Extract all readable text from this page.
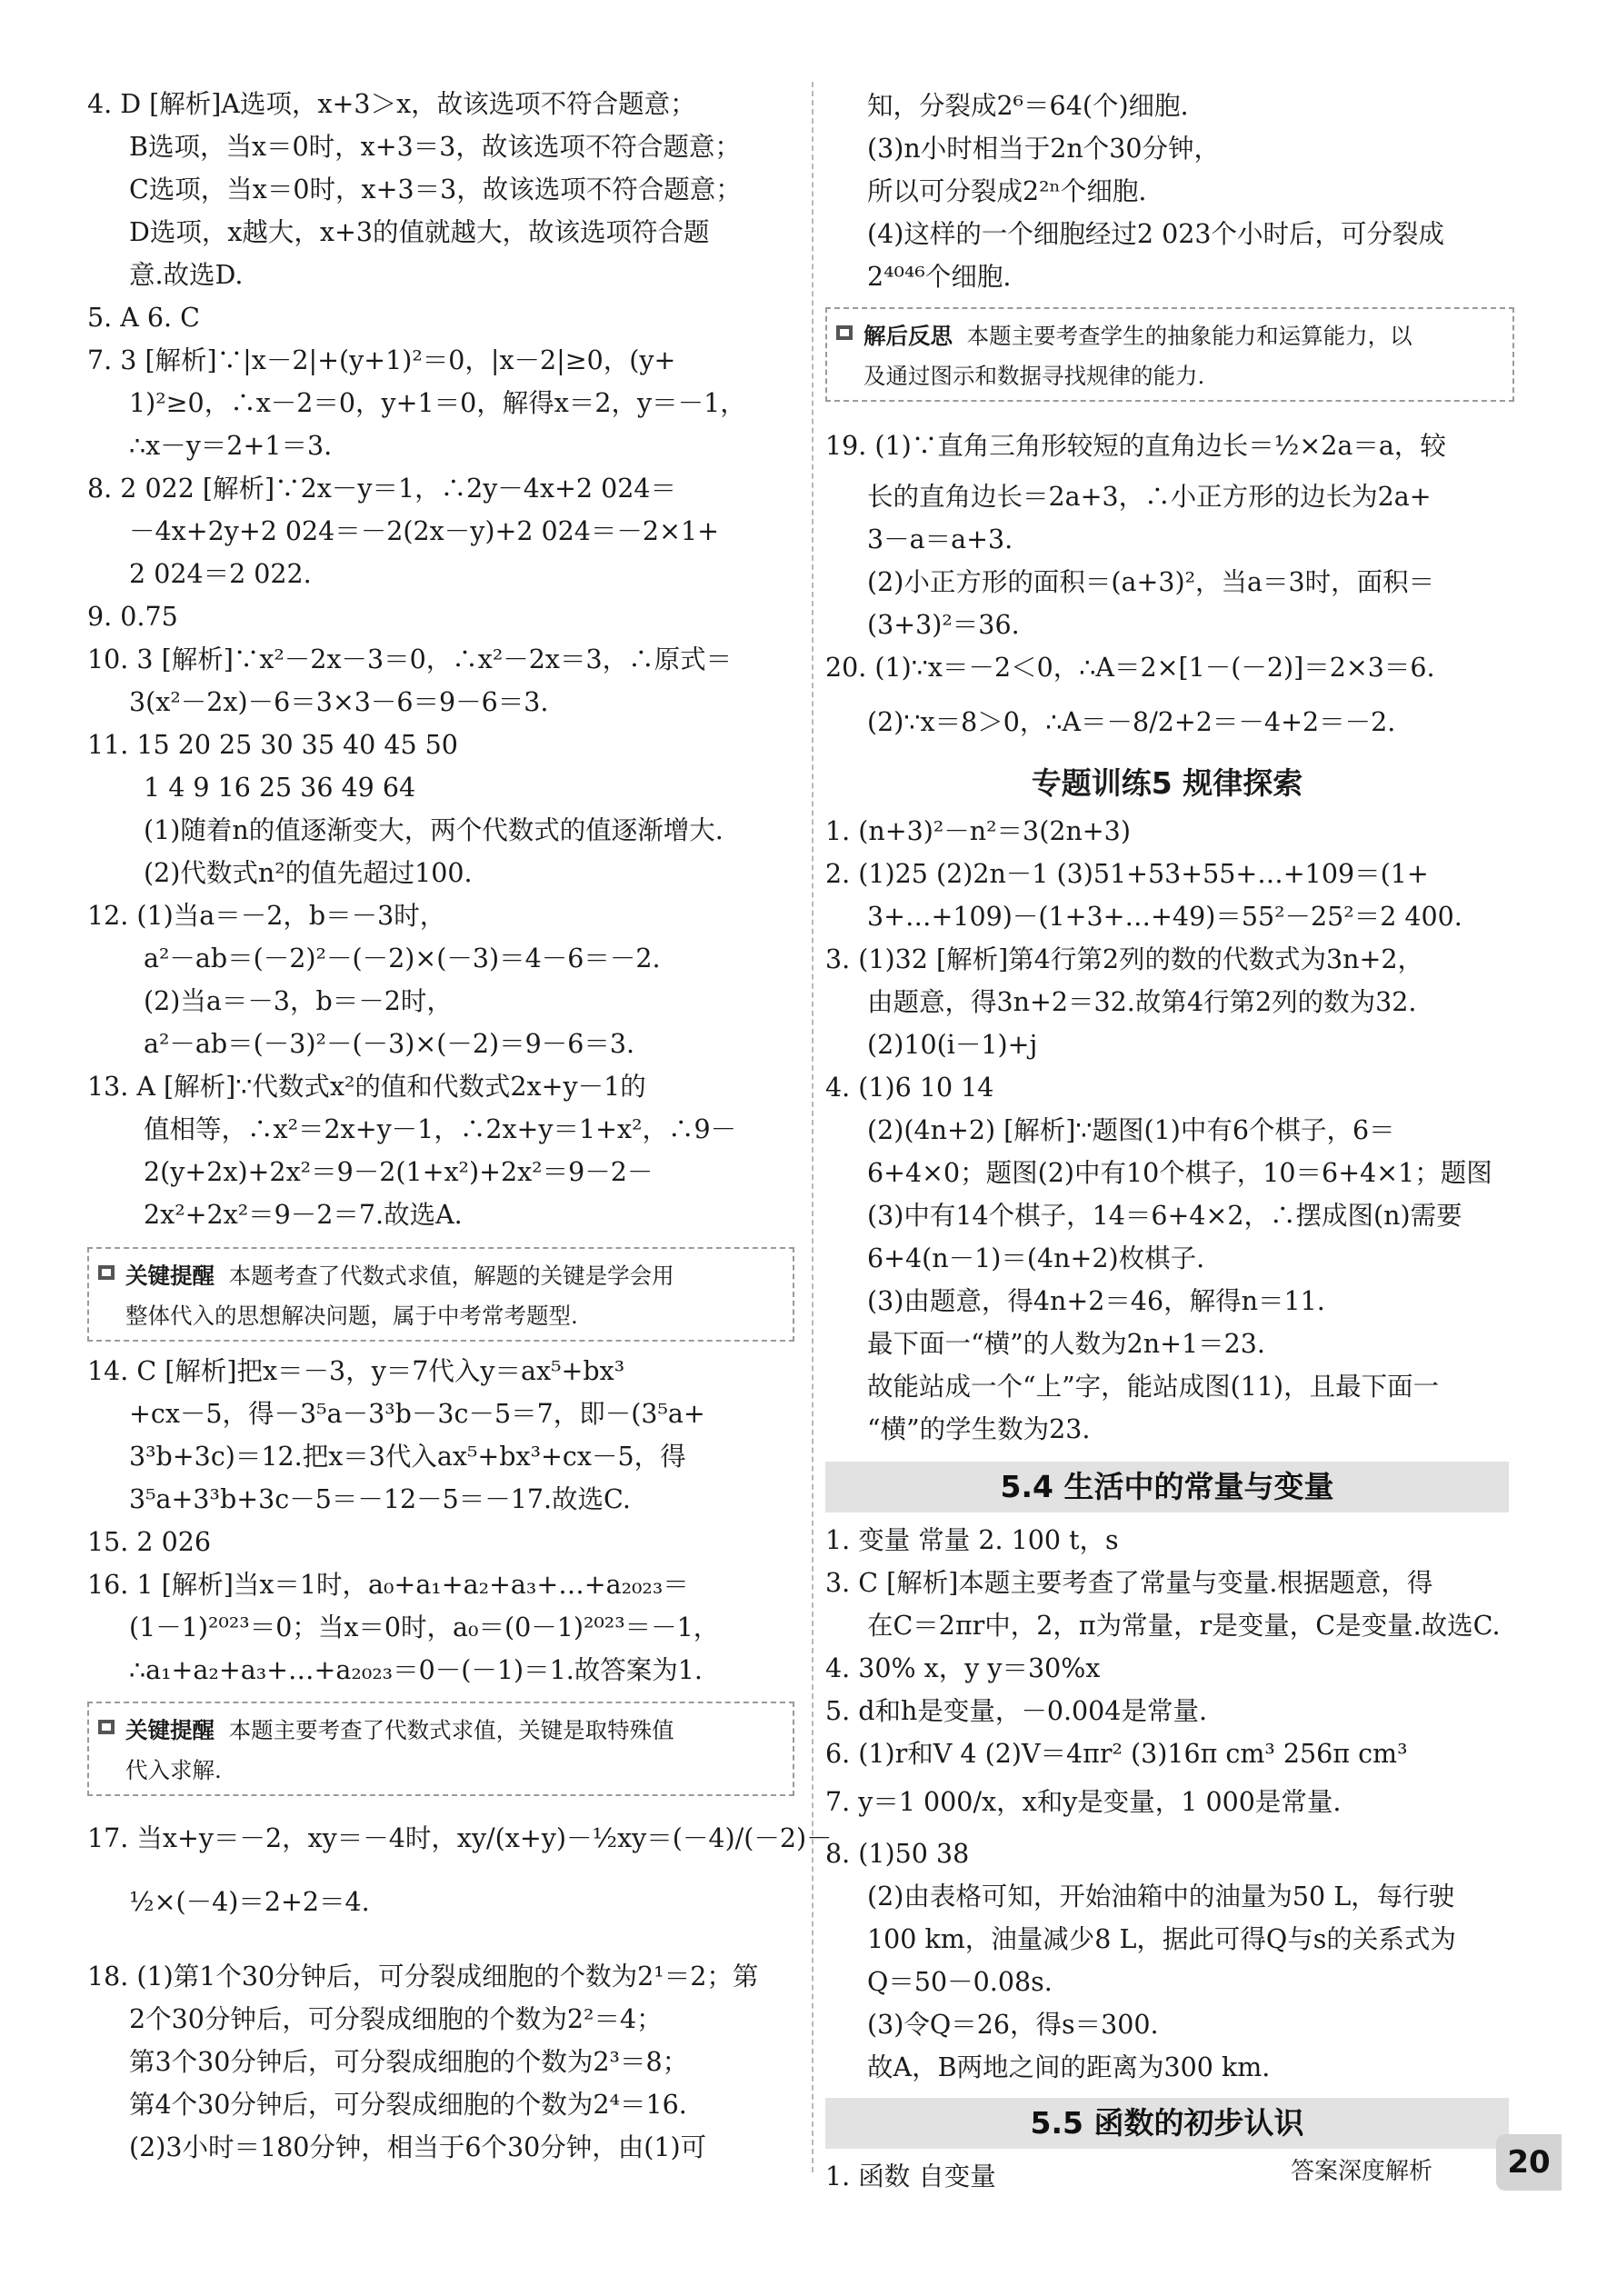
4. D [解析]A选项，x+3＞x，故该选项不符合题意；
B选项，当x＝0时，x+3＝3，故该选项不符合题意；
C选项，当x＝0时，x+3＝3，故该选项不符合题意；
D选项，x越大，x+3的值就越大，故该选项符合题
意.故选D.
5. A 6. C
7. 3 [解析]∵|x－2|+(y+1)²＝0，|x－2|≥0，(y+
1)²≥0，∴x－2＝0，y+1＝0，解得x＝2，y＝－1，
∴x－y＝2+1＝3.
8. 2 022 [解析]∵2x－y＝1，∴2y－4x+2 024＝
－4x+2y+2 024＝－2(2x－y)+2 024＝－2×1+
2 024＝2 022.
9. 0.75
10. 3 [解析]∵x²－2x－3＝0，∴x²－2x＝3，∴原式＝
3(x²－2x)－6＝3×3－6＝9－6＝3.
11. 15 20 25 30 35 40 45 50
1 4 9 16 25 36 49 64
(1)随着n的值逐渐变大，两个代数式的值逐渐增大.
(2)代数式n²的值先超过100.
12. (1)当a＝－2，b＝－3时，
a²－ab＝(－2)²－(－2)×(－3)＝4－6＝－2.
(2)当a＝－3，b＝－2时，
a²－ab＝(－3)²－(－3)×(－2)＝9－6＝3.
13. A [解析]∵代数式x²的值和代数式2x+y－1的
值相等，∴x²＝2x+y－1，∴2x+y＝1+x²，∴9－
2(y+2x)+2x²＝9－2(1+x²)+2x²＝9－2－
2x²+2x²＝9－2＝7.故选A.
关键提醒 本题考查了代数式求值，解题的关键是学会用
整体代入的思想解决问题，属于中考常考题型.
14. C [解析]把x＝－3，y＝7代入y＝ax⁵+bx³
+cx－5，得－3⁵a－3³b－3c－5＝7，即－(3⁵a+
3³b+3c)＝12.把x＝3代入ax⁵+bx³+cx－5，得
3⁵a+3³b+3c－5＝－12－5＝－17.故选C.
15. 2 026
16. 1 [解析]当x＝1时，a₀+a₁+a₂+a₃+…+a₂₀₂₃＝
(1－1)²⁰²³＝0；当x＝0时，a₀＝(0－1)²⁰²³＝－1，
∴a₁+a₂+a₃+…+a₂₀₂₃＝0－(－1)＝1.故答案为1.
关键提醒 本题主要考查了代数式求值，关键是取特殊值
代入求解.
17. 当x+y＝－2，xy＝－4时，xy/(x+y)－½xy＝(－4)/(－2)－
½×(－4)＝2+2＝4.
18. (1)第1个30分钟后，可分裂成细胞的个数为2¹＝2；第
2个30分钟后，可分裂成细胞的个数为2²＝4；
第3个30分钟后，可分裂成细胞的个数为2³＝8；
第4个30分钟后，可分裂成细胞的个数为2⁴＝16.
(2)3小时＝180分钟，相当于6个30分钟，由(1)可
知，分裂成2⁶＝64(个)细胞.
(3)n小时相当于2n个30分钟，
所以可分裂成2²ⁿ个细胞.
(4)这样的一个细胞经过2 023个小时后，可分裂成
2⁴⁰⁴⁶个细胞.
解后反思 本题主要考查学生的抽象能力和运算能力，以
及通过图示和数据寻找规律的能力.
19. (1)∵直角三角形较短的直角边长＝½×2a＝a，较
长的直角边长＝2a+3，∴小正方形的边长为2a+
3－a＝a+3.
(2)小正方形的面积＝(a+3)²，当a＝3时，面积＝
(3+3)²＝36.
20. (1)∵x＝－2＜0，∴A＝2×[1－(－2)]＝2×3＝6.
(2)∵x＝8＞0，∴A＝－8/2+2＝－4+2＝－2.
专题训练5 规律探索
1. (n+3)²－n²＝3(2n+3)
2. (1)25 (2)2n－1 (3)51+53+55+…+109＝(1+
3+…+109)－(1+3+…+49)＝55²－25²＝2 400.
3. (1)32 [解析]第4行第2列的数的代数式为3n+2，
由题意，得3n+2＝32.故第4行第2列的数为32.
(2)10(i－1)+j
4. (1)6 10 14
(2)(4n+2) [解析]∵题图(1)中有6个棋子，6＝
6+4×0；题图(2)中有10个棋子，10＝6+4×1；题图
(3)中有14个棋子，14＝6+4×2，∴摆成图(n)需要
6+4(n－1)＝(4n+2)枚棋子.
(3)由题意，得4n+2＝46，解得n＝11.
最下面一“横”的人数为2n+1＝23.
故能站成一个“上”字，能站成图(11)，且最下面一
“横”的学生数为23.
5.4 生活中的常量与变量
1. 变量 常量 2. 100 t，s
3. C [解析]本题主要考查了常量与变量.根据题意，得
在C＝2πr中，2，π为常量，r是变量，C是变量.故选C.
4. 30% x，y y＝30%x
5. d和h是变量，－0.004是常量.
6. (1)r和V 4 (2)V＝4πr² (3)16π cm³ 256π cm³
7. y＝1 000/x，x和y是变量，1 000是常量.
8. (1)50 38
(2)由表格可知，开始油箱中的油量为50 L，每行驶
100 km，油量减少8 L，据此可得Q与s的关系式为
Q＝50－0.08s.
(3)令Q＝26，得s＝300.
故A，B两地之间的距离为300 km.
5.5 函数的初步认识
1. 函数 自变量	答案深度解析	20
